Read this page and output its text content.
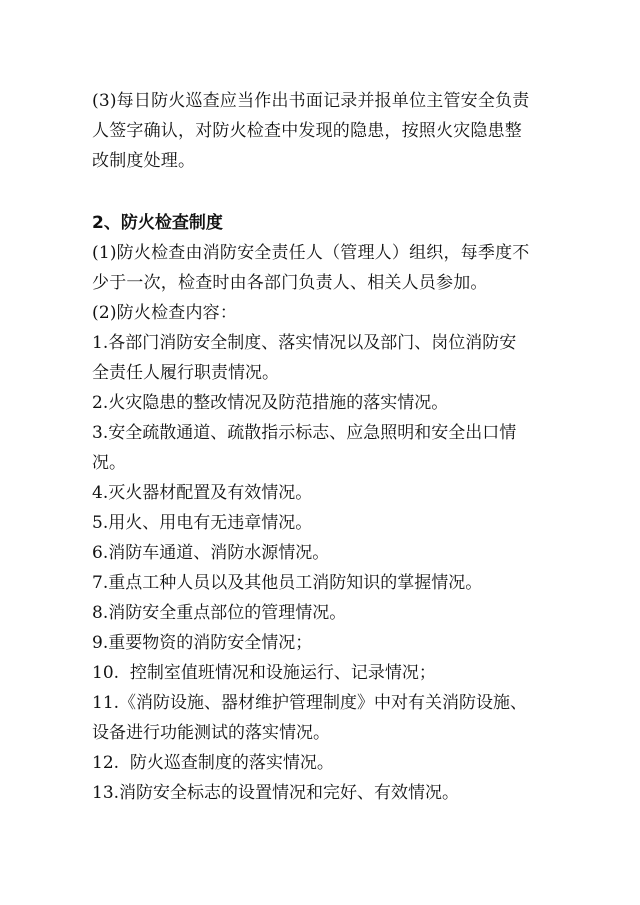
(3)每日防火巡查应当作出书面记录并报单位主管安全负责
人签字确认，对防火检查中发现的隐患，按照火灾隐患整
改制度处理。

2、防火检查制度

(1)防火检查由消防安全责任人（管理人）组织，每季度不
少于一次，检查时由各部门负责人、相关人员参加。

(2)防火检查内容：

1.各部门消防安全制度、落实情况以及部门、岗位消防安
全责任人履行职责情况。

2.火灾隐患的整改情况及防范措施的落实情况。

3.安全疏散通道、疏散指示标志、应急照明和安全出口情
况。

4.灭火器材配置及有效情况。

5.用火、用电有无违章情况。

6.消防车通道、消防水源情况。

7.重点工种人员以及其他员工消防知识的掌握情况。

8.消防安全重点部位的管理情况。

9.重要物资的消防安全情况；

10.  控制室值班情况和设施运行、记录情况；

11.《消防设施、器材维护管理制度》中对有关消防设施、
设备进行功能测试的落实情况。

12.  防火巡查制度的落实情况。

13.消防安全标志的设置情况和完好、有效情况。
